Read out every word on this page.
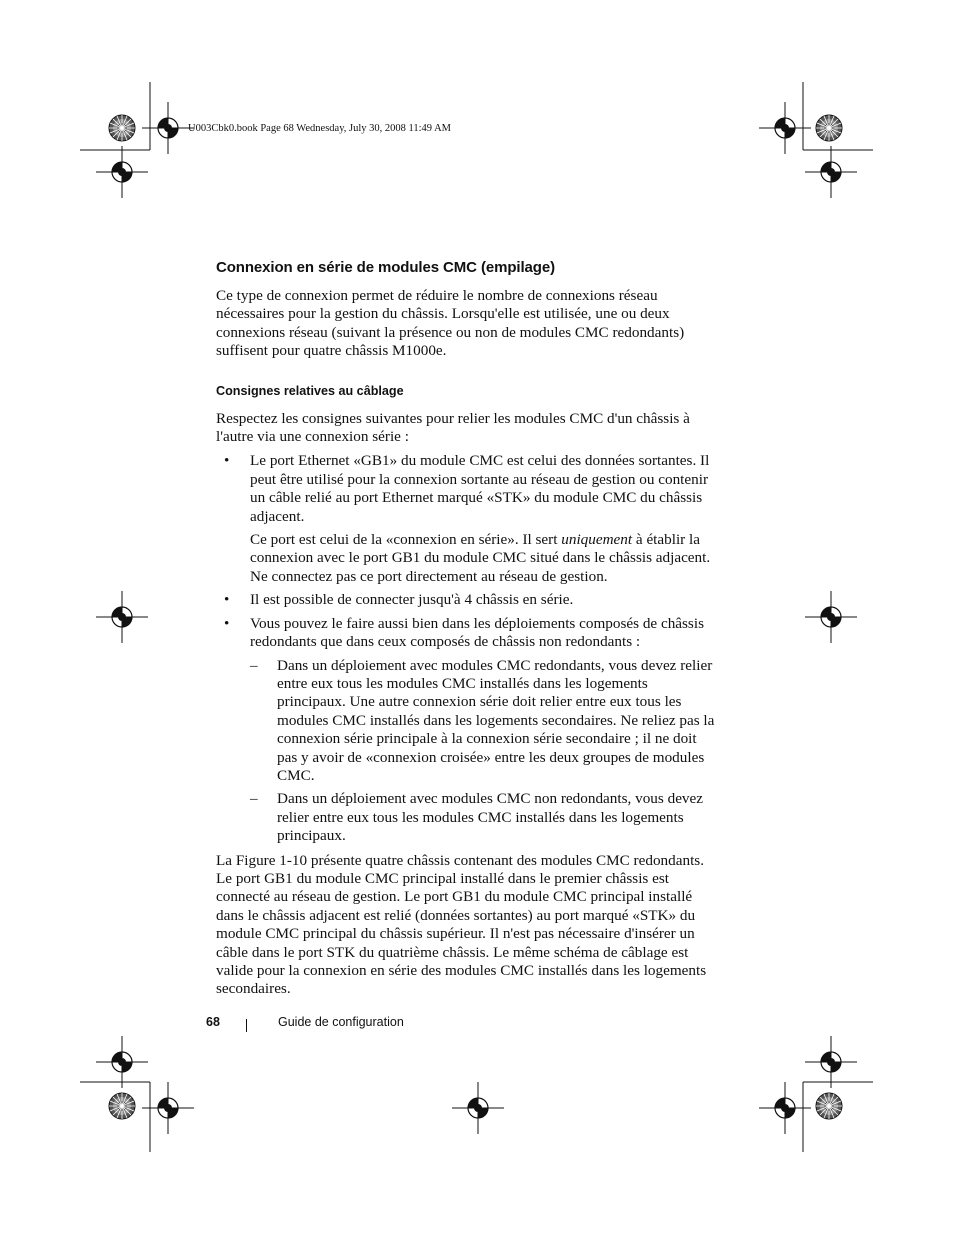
U003Cbk0.book Page 68 Wednesday, July 30, 2008 11:49 AM
Connexion en série de modules CMC (empilage)

Ce type de connexion permet de réduire le nombre de connexions réseau nécessaires pour la gestion du châssis. Lorsqu'elle est utilisée, une ou deux connexions réseau (suivant la présence ou non de modules CMC redondants) suffisent pour quatre châssis M1000e.

Consignes relatives au câblage

Respectez les consignes suivantes pour relier les modules CMC d'un châssis à l'autre via une connexion série :

• Le port Ethernet «GB1» du module CMC est celui des données sortantes. Il peut être utilisé pour la connexion sortante au réseau de gestion ou contenir un câble relié au port Ethernet marqué «STK» du module CMC du châssis adjacent.

Ce port est celui de la «connexion en série». Il sert uniquement à établir la connexion avec le port GB1 du module CMC situé dans le châssis adjacent. Ne connectez pas ce port directement au réseau de gestion.

• Il est possible de connecter jusqu'à 4 châssis en série.
• Vous pouvez le faire aussi bien dans les déploiements composés de châssis redondants que dans ceux composés de châssis non redondants :
– Dans un déploiement avec modules CMC redondants, vous devez relier entre eux tous les modules CMC installés dans les logements principaux. Une autre connexion série doit relier entre eux tous les modules CMC installés dans les logements secondaires. Ne reliez pas la connexion série principale à la connexion série secondaire ; il ne doit pas y avoir de «connexion croisée» entre les deux groupes de modules CMC.
– Dans un déploiement avec modules CMC non redondants, vous devez relier entre eux tous les modules CMC installés dans les logements principaux.

La Figure 1-10 présente quatre châssis contenant des modules CMC redondants. Le port GB1 du module CMC principal installé dans le premier châssis est connecté au réseau de gestion. Le port GB1 du module CMC principal installé dans le châssis adjacent est relié (données sortantes) au port marqué «STK» du module CMC principal du châssis supérieur. Il n'est pas nécessaire d'insérer un câble dans le port STK du quatrième châssis. Le même schéma de câblage est valide pour la connexion en série des modules CMC installés dans les logements secondaires.

68	Guide de configuration
